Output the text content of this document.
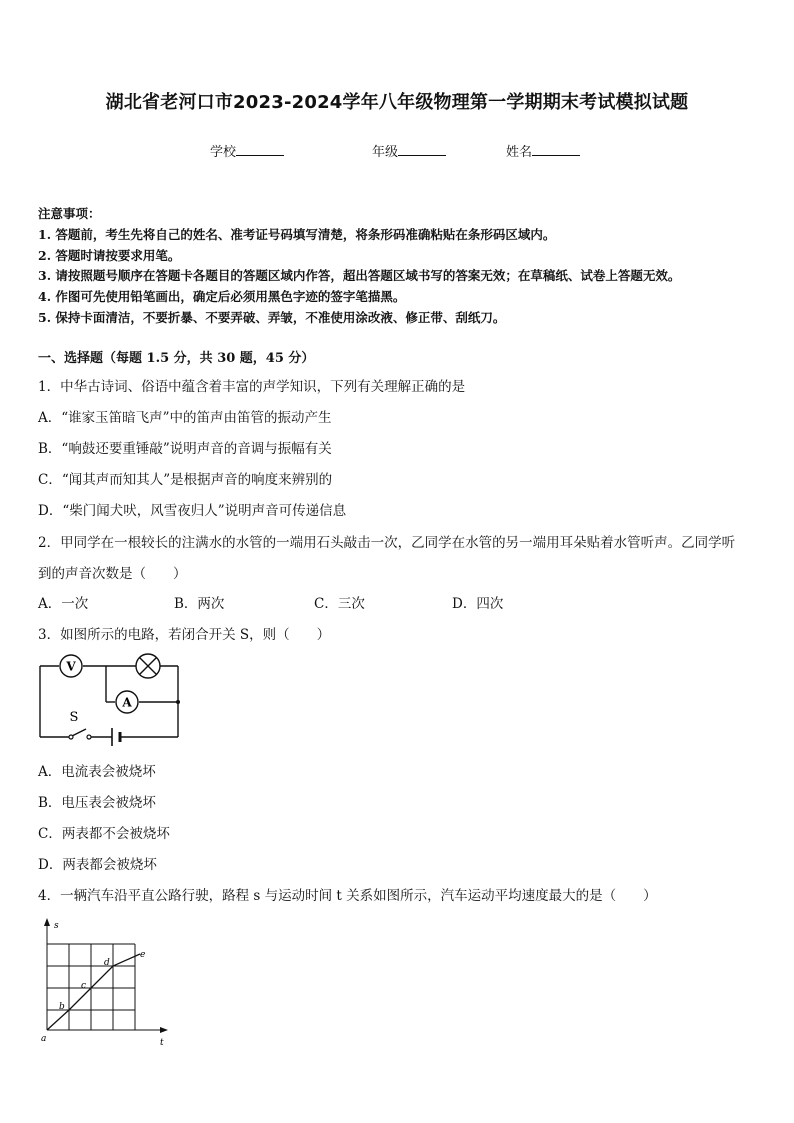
湖北省老河口市2023-2024学年八年级物理第一学期期末考试模拟试题
学校	年级	姓名
注意事项：
1. 答题前，考生先将自己的姓名、准考证号码填写清楚，将条形码准确粘贴在条形码区域内。
2. 答题时请按要求用笔。
3. 请按照题号顺序在答题卡各题目的答题区域内作答，超出答题区域书写的答案无效；在草稿纸、试卷上答题无效。
4. 作图可先使用铅笔画出，确定后必须用黑色字迹的签字笔描黑。
5. 保持卡面清洁，不要折暴、不要弄破、弄皱，不准使用涂改液、修正带、刮纸刀。
一、选择题（每题 1.5 分，共 30 题，45 分）
1．中华古诗词、俗语中蕴含着丰富的声学知识，下列有关理解正确的是
A．“谁家玉笛暗飞声”中的笛声由笛管的振动产生
B．“响鼓还要重锤敲”说明声音的音调与振幅有关
C．“闻其声而知其人”是根据声音的响度来辨别的
D．“柴门闻犬吠，风雪夜归人”说明声音可传递信息
2．甲同学在一根较长的注满水的水管的一端用石头敲击一次，乙同学在水管的另一端用耳朵贴着水管听声。乙同学听
到的声音次数是（　　）
A．一次	B．两次	C．三次	D．四次
3．如图所示的电路，若闭合开关 S，则（　　）
V
A
S
A．电流表会被烧坏
B．电压表会被烧坏
C．两表都不会被烧坏
D．两表都会被烧坏
4．一辆汽车沿平直公路行驶，路程 s 与运动时间 t 关系如图所示，汽车运动平均速度最大的是（　　）
s
t
a
b
c
d
e
